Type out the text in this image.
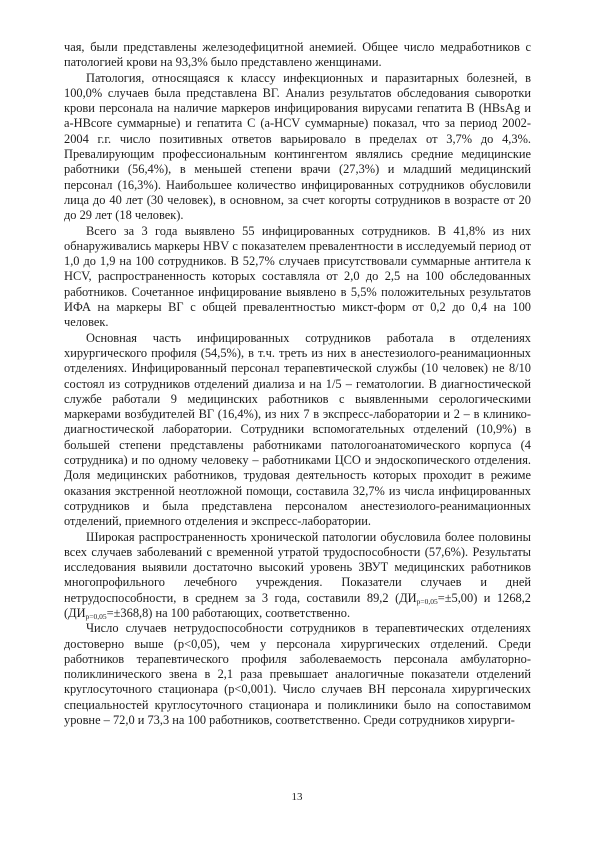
чая, были представлены железодефицитной анемией. Общее число медработников с патологией крови на 93,3% было представлено женщинами.

Патология, относящаяся к классу инфекционных и паразитарных болезней, в 100,0% случаев была представлена ВГ. Анализ результатов обследования сыворотки крови персонала на наличие маркеров инфицирования вирусами гепатита В (HBsAg и a-HBcore суммарные) и гепатита С (a-HCV суммарные) показал, что за период 2002-2004 г.г. число позитивных ответов варьировало в пределах от 3,7% до 4,3%. Превалирующим профессиональным контингентом являлись средние медицинские работники (56,4%), в меньшей степени врачи (27,3%) и младший медицинский персонал (16,3%). Наибольшее количество инфицированных сотрудников обусловили лица до 40 лет (30 человек), в основном, за счет когорты сотрудников в возрасте от 20 до 29 лет (18 человек).

Всего за 3 года выявлено 55 инфицированных сотрудников. В 41,8% из них обнаруживались маркеры HBV с показателем превалентности в исследуемый период от 1,0 до 1,9 на 100 сотрудников. В 52,7% случаев присутствовали суммарные антитела к HCV, распространенность которых составляла от 2,0 до 2,5 на 100 обследованных работников. Сочетанное инфицирование выявлено в 5,5% положительных результатов ИФА на маркеры ВГ с общей превалентностью микст-форм от 0,2 до 0,4 на 100 человек.

Основная часть инфицированных сотрудников работала в отделениях хирургического профиля (54,5%), в т.ч. треть из них в анестезиолого-реанимационных отделениях. Инфицированный персонал терапевтической службы (10 человек) не 8/10 состоял из сотрудников отделений диализа и на 1/5 – гематологии. В диагностической службе работали 9 медицинских работников с выявленными серологическими маркерами возбудителей ВГ (16,4%), из них 7 в экспресс-лаборатории и 2 – в клинико-диагностической лаборатории. Сотрудники вспомогательных отделений (10,9%) в большей степени представлены работниками патологоанатомического корпуса (4 сотрудника) и по одному человеку – работниками ЦСО и эндоскопического отделения. Доля медицинских работников, трудовая деятельность которых проходит в режиме оказания экстренной неотложной помощи, составила 32,7% из числа инфицированных сотрудников и была представлена персоналом анестезиолого-реанимационных отделений, приемного отделения и экспресс-лаборатории.

Широкая распространенность хронической патологии обусловила более половины всех случаев заболеваний с временной утратой трудоспособности (57,6%). Результаты исследования выявили достаточно высокий уровень ЗВУТ медицинских работников многопрофильного лечебного учреждения. Показатели случаев и дней нетрудоспособности, в среднем за 3 года, составили 89,2 $(ДИ_{р=0,05}=\pm 5,00)$ и 1268,2 $(ДИ_{р=0,05}=\pm 368,8)$ на 100 работающих, соответственно.

Число случаев нетрудоспособности сотрудников в терапевтических отделениях достоверно выше (р<0,05), чем у персонала хирургических отделений. Среди работников терапевтического профиля заболеваемость персонала амбулаторно-поликлинического звена в 2,1 раза превышает аналогичные показатели отделений круглосуточного стационара (р<0,001). Число случаев ВН персонала хирургических специальностей круглосуточного стационара и поликлиники было на сопоставимом уровне – 72,0 и 73,3 на 100 работников, соответственно. Среди сотрудников хирурги-

13
